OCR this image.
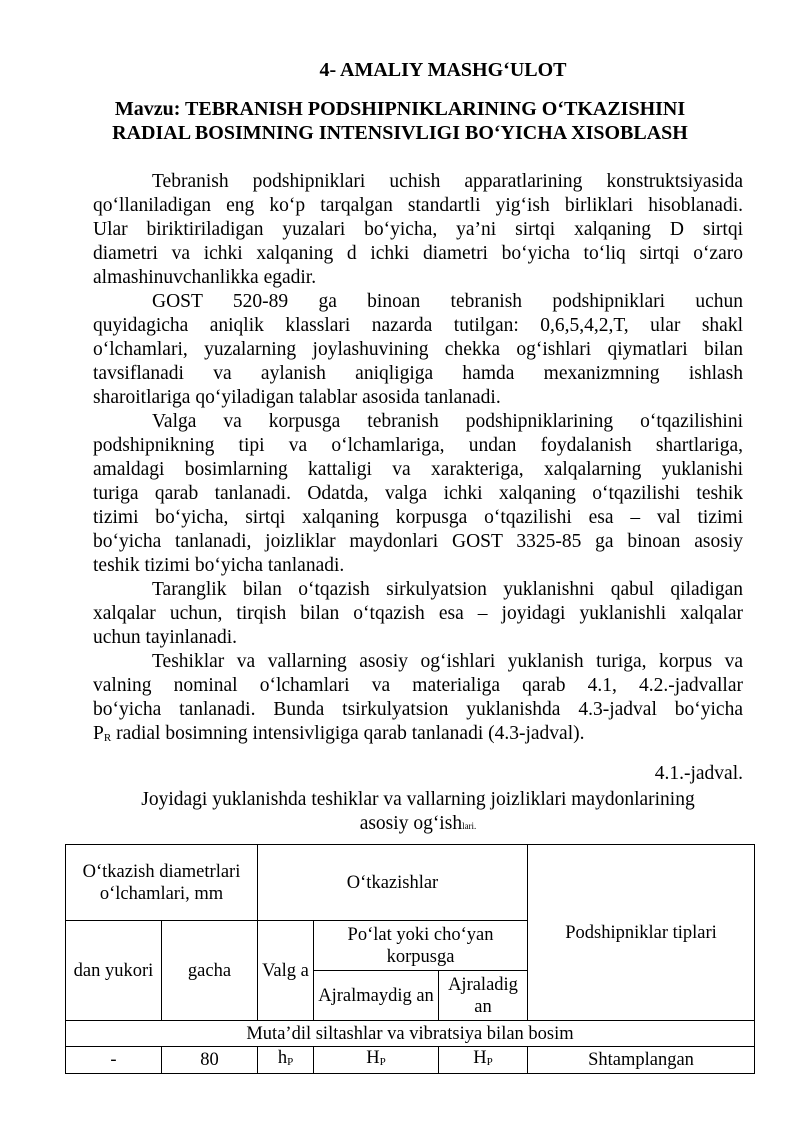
4- AMALIY MASHG‘ULOT
Mavzu: TEBRANISH PODSHIPNIKLARINING O‘TKAZISHINI
RADIAL BOSIMNING INTENSIVLIGI BO‘YICHA XISOBLASH

Tebranish podshipniklari uchish apparatlarining konstruktsiyasida

qo‘llaniladigan eng ko‘p tarqalgan standartli yig‘ish birliklari hisoblanadi.

Ular biriktiriladigan yuzalari bo‘yicha, ya’ni sirtqi xalqaning D sirtqi

diametri va ichki xalqaning d ichki diametri bo‘yicha to‘liq sirtqi o‘zaro

almashinuvchanlikka egadir.

GOST 520-89 ga binoan tebranish podshipniklari uchun

quyidagicha aniqlik klasslari nazarda tutilgan: 0,6,5,4,2,T, ular shakl

o‘lchamlari, yuzalarning joylashuvining chekka og‘ishlari qiymatlari bilan

tavsiflanadi va aylanish aniqligiga hamda mexanizmning ishlash

sharoitlariga qo‘yiladigan talablar asosida tanlanadi.

Valga va korpusga tebranish podshipniklarining o‘tqazilishini

podshipnikning tipi va o‘lchamlariga, undan foydalanish shartlariga,

amaldagi bosimlarning kattaligi va xarakteriga, xalqalarning yuklanishi

turiga qarab tanlanadi. Odatda, valga ichki xalqaning o‘tqazilishi teshik

tizimi bo‘yicha, sirtqi xalqaning korpusga o‘tqazilishi esa – val tizimi

bo‘yicha tanlanadi, joizliklar maydonlari GOST 3325-85 ga binoan asosiy

teshik tizimi bo‘yicha tanlanadi.

Taranglik bilan o‘tqazish sirkulyatsion yuklanishni qabul qiladigan

xalqalar uchun, tirqish bilan o‘tqazish esa – joyidagi yuklanishli xalqalar

uchun tayinlanadi.

Teshiklar va vallarning asosiy og‘ishlari yuklanish turiga, korpus va

valning nominal o‘lchamlari va materialiga qarab 4.1, 4.2.-jadvallar

bo‘yicha tanlanadi. Bunda tsirkulyatsion yuklanishda 4.3-jadval bo‘yicha

$P_R$ radial bosimning intensivligiga qarab tanlanadi (4.3-jadval).

4.1.-jadval.

Joyidagi yuklanishda teshiklar va vallarning joizliklari maydonlarining

asosiy og‘ishlari.

O‘tkazish diametrlari o‘lchamlari, mm		O‘tkazishlar			Podshipniklar tiplari
dan yukori	gacha	Valg a	Po‘lat yoki cho‘yan korpusga		
			Ajralmaydig an	Ajraladig an	
Muta’dil siltashlar va vibratsiya bilan bosim					
-	80	hP	HP	HP	Shtamplangan
